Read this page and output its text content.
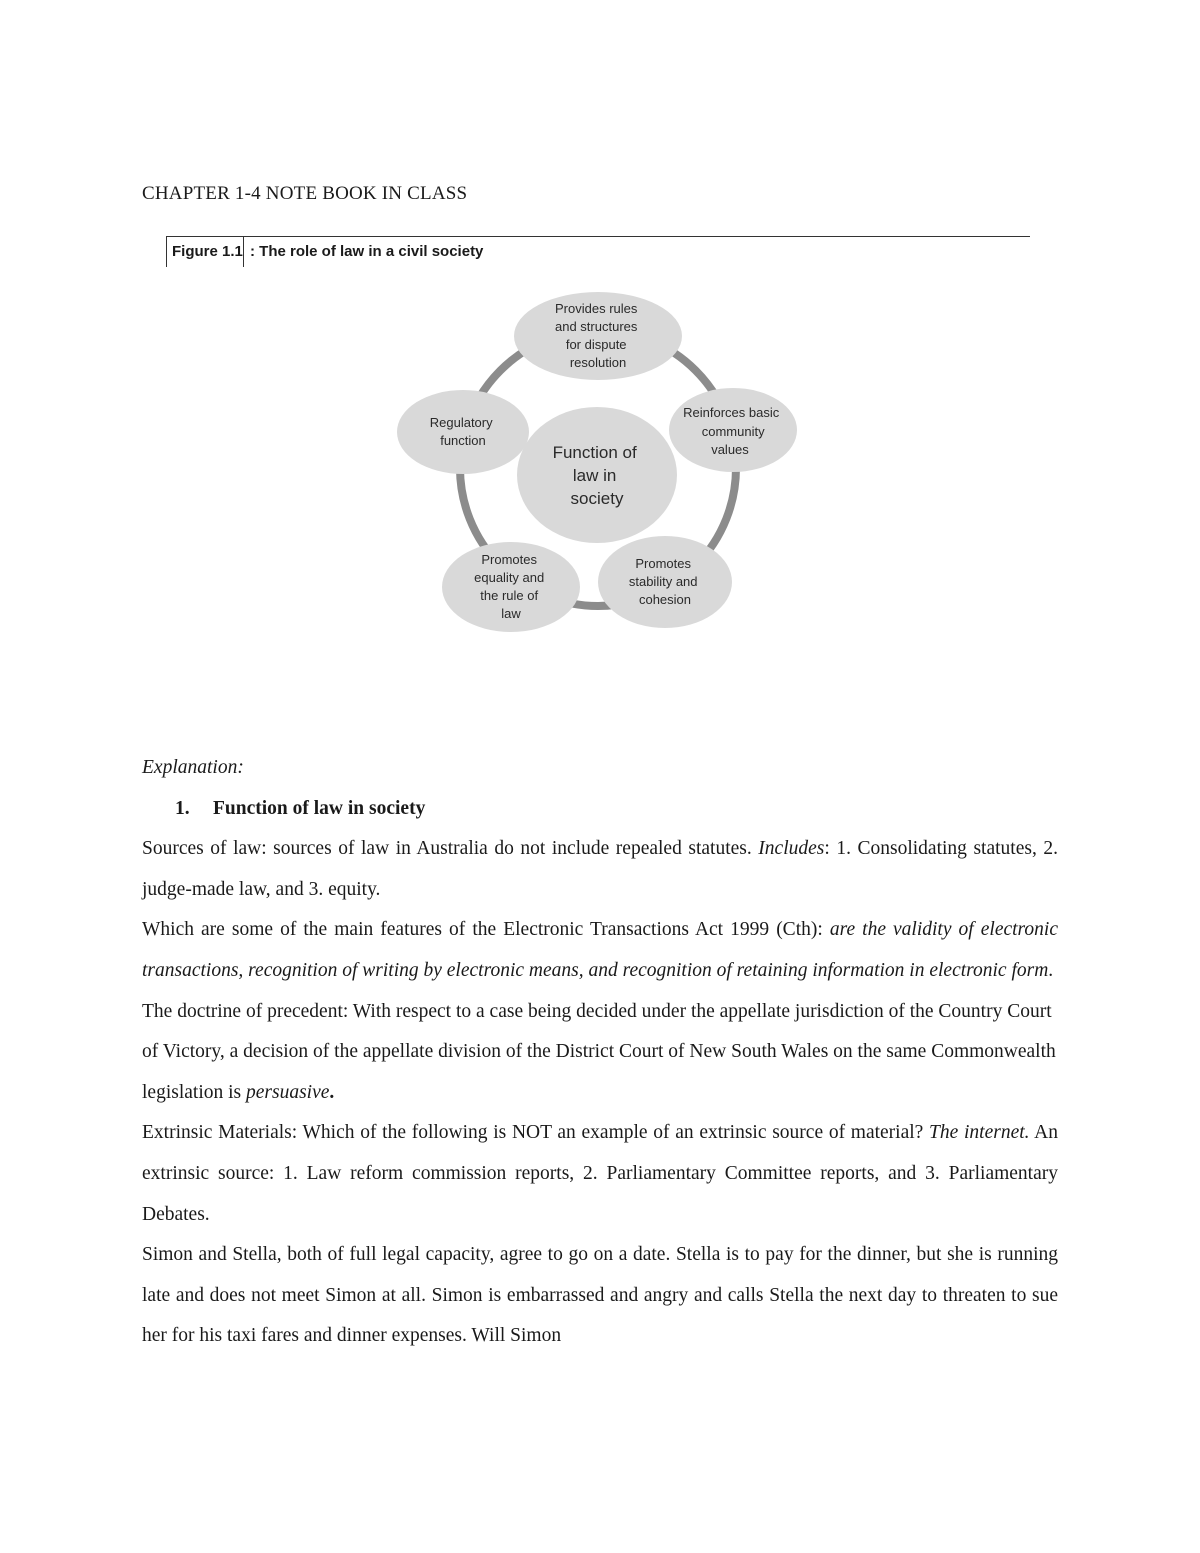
CHAPTER 1-4 NOTE BOOK IN CLASS
Figure 1.1 : The role of law in a civil society
Function of law in society
Provides rules and structures for dispute resolution
Reinforces basic community values
Promotes stability and cohesion
Promotes equality and the rule of law
Regulatory function

Explanation:

1. Function of law in society

Sources of law: sources of law in Australia do not include repealed statutes. Includes: 1. Consolidating statutes, 2. judge-made law, and 3. equity.

Which are some of the main features of the Electronic Transactions Act 1999 (Cth): are the validity of electronic transactions, recognition of writing by electronic means, and recognition of retaining information in electronic form.

The doctrine of precedent: With respect to a case being decided under the appellate jurisdiction of the Country Court of Victory, a decision of the appellate division of the District Court of New South Wales on the same Commonwealth legislation is persuasive.

Extrinsic Materials: Which of the following is NOT an example of an extrinsic source of material? The internet. An extrinsic source: 1. Law reform commission reports, 2. Parliamentary Committee reports, and 3. Parliamentary Debates.

Simon and Stella, both of full legal capacity, agree to go on a date. Stella is to pay for the dinner, but she is running late and does not meet Simon at all. Simon is embarrassed and angry and calls Stella the next day to threaten to sue her for his taxi fares and dinner expenses. Will Simon
